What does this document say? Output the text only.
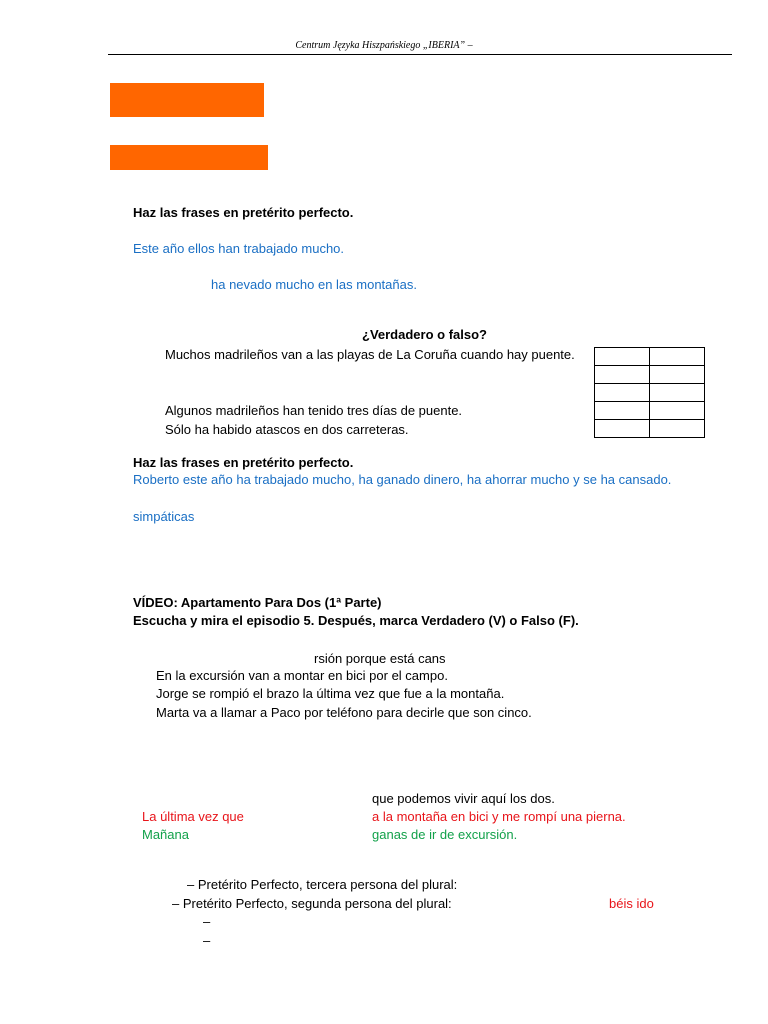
Centrum Języka Hiszpańskiego „IBERIA” –
Haz las frases en pretérito perfecto.
Este año ellos han trabajado mucho.
ha nevado mucho en las montañas.
¿Verdadero o falso?
Muchos madrileños van a las playas de La Coruña cuando hay puente.
Algunos madrileños han tenido tres días de puente.
Sólo ha habido atascos en dos carreteras.

Haz las frases en pretérito perfecto.
Roberto este año ha trabajado mucho, ha ganado dinero, ha ahorrar mucho y se ha cansado.
simpáticas
VÍDEO: Apartamento Para Dos (1ª Parte)
Escucha y mira el episodio 5. Después, marca Verdadero (V) o Falso (F).
rsión porque está cans
En la excursión van a montar en bici por el campo.
Jorge se rompió el brazo la última vez que fue a la montaña.
Marta va a llamar a Paco por teléfono para decirle que son cinco.
que podemos vivir aquí los dos.
La última vez que	a la montaña en bici y me rompí una pierna.
Mañana	ganas de ir de excursión.
– Pretérito Perfecto, tercera persona del plural:
– Pretérito Perfecto, segunda persona del plural:	béis ido
–
–
